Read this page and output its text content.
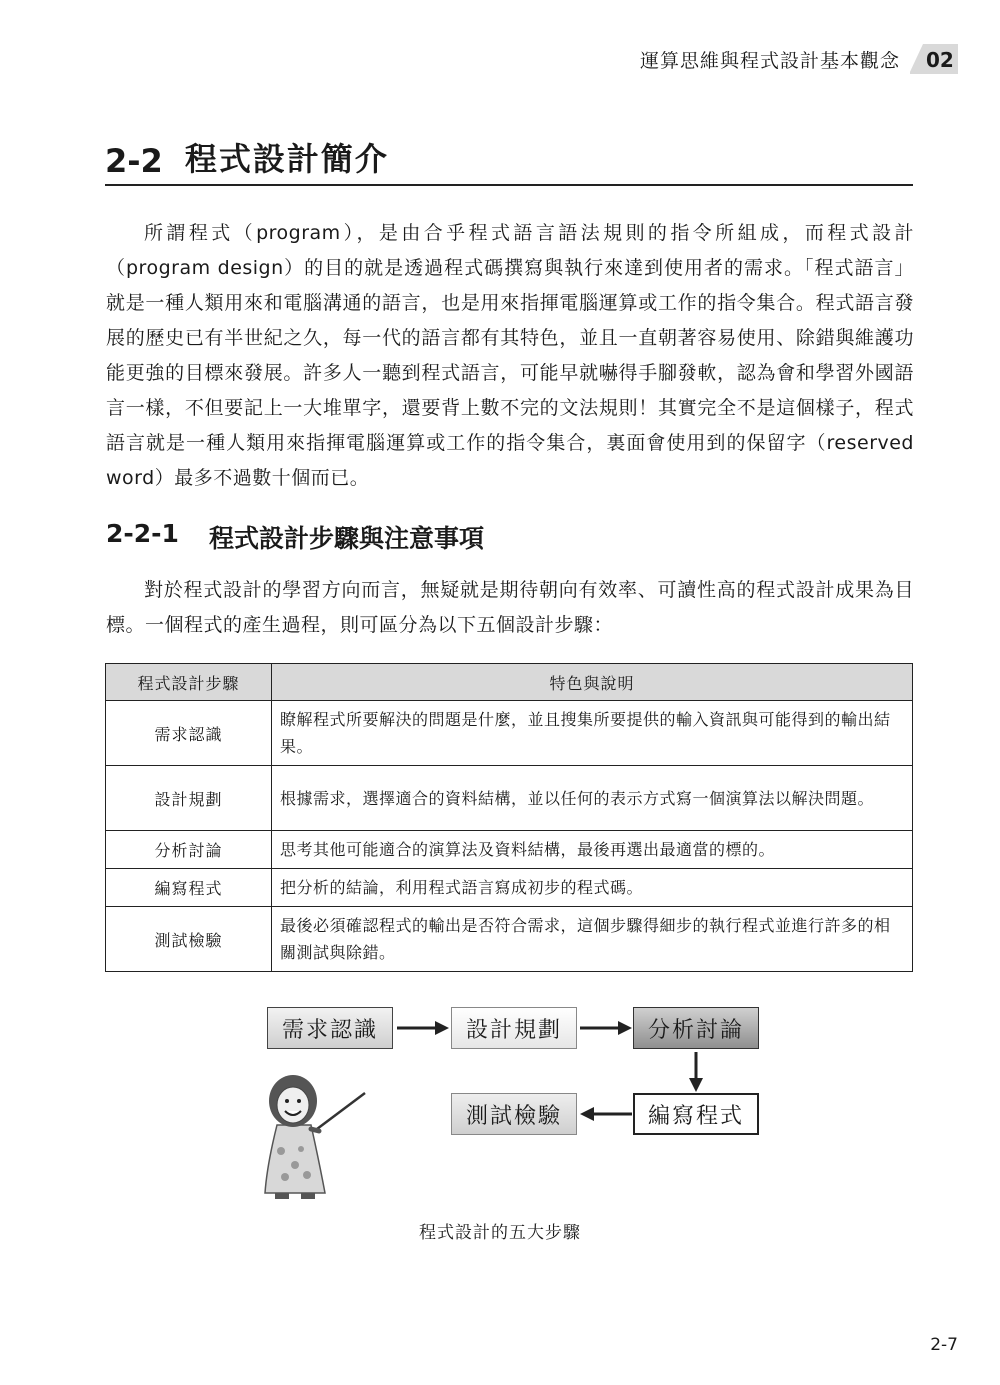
運算思維與程式設計基本觀念 02
2-2 程式設計簡介

所謂程式（program），是由合乎程式語言語法規則的指令所組成，而程式設計（program design）的目的就是透過程式碼撰寫與執行來達到使用者的需求。「程式語言」就是一種人類用來和電腦溝通的語言，也是用來指揮電腦運算或工作的指令集合。程式語言發展的歷史已有半世紀之久，每一代的語言都有其特色，並且一直朝著容易使用、除錯與維護功能更強的目標來發展。許多人一聽到程式語言，可能早就嚇得手腳發軟，認為會和學習外國語言一樣，不但要記上一大堆單字，還要背上數不完的文法規則！其實完全不是這個樣子，程式語言就是一種人類用來指揮電腦運算或工作的指令集合，裏面會使用到的保留字（reserved word）最多不過數十個而已。

2-2-1 程式設計步驟與注意事項

對於程式設計的學習方向而言，無疑就是期待朝向有效率、可讀性高的程式設計成果為目標。一個程式的產生過程，則可區分為以下五個設計步驟：

程式設計步驟	特色與說明
需求認識	瞭解程式所要解決的問題是什麼，並且搜集所要提供的輸入資訊與可能得到的輸出結果。
設計規劃	根據需求，選擇適合的資料結構，並以任何的表示方式寫一個演算法以解決問題。
分析討論	思考其他可能適合的演算法及資料結構，最後再選出最適當的標的。
編寫程式	把分析的結論，利用程式語言寫成初步的程式碼。
測試檢驗	最後必須確認程式的輸出是否符合需求，這個步驟得細步的執行程式並進行許多的相關測試與除錯。
需求認識	設計規劃	分析討論
編寫程式
測試檢驗
程式設計的五大步驟
2-7
